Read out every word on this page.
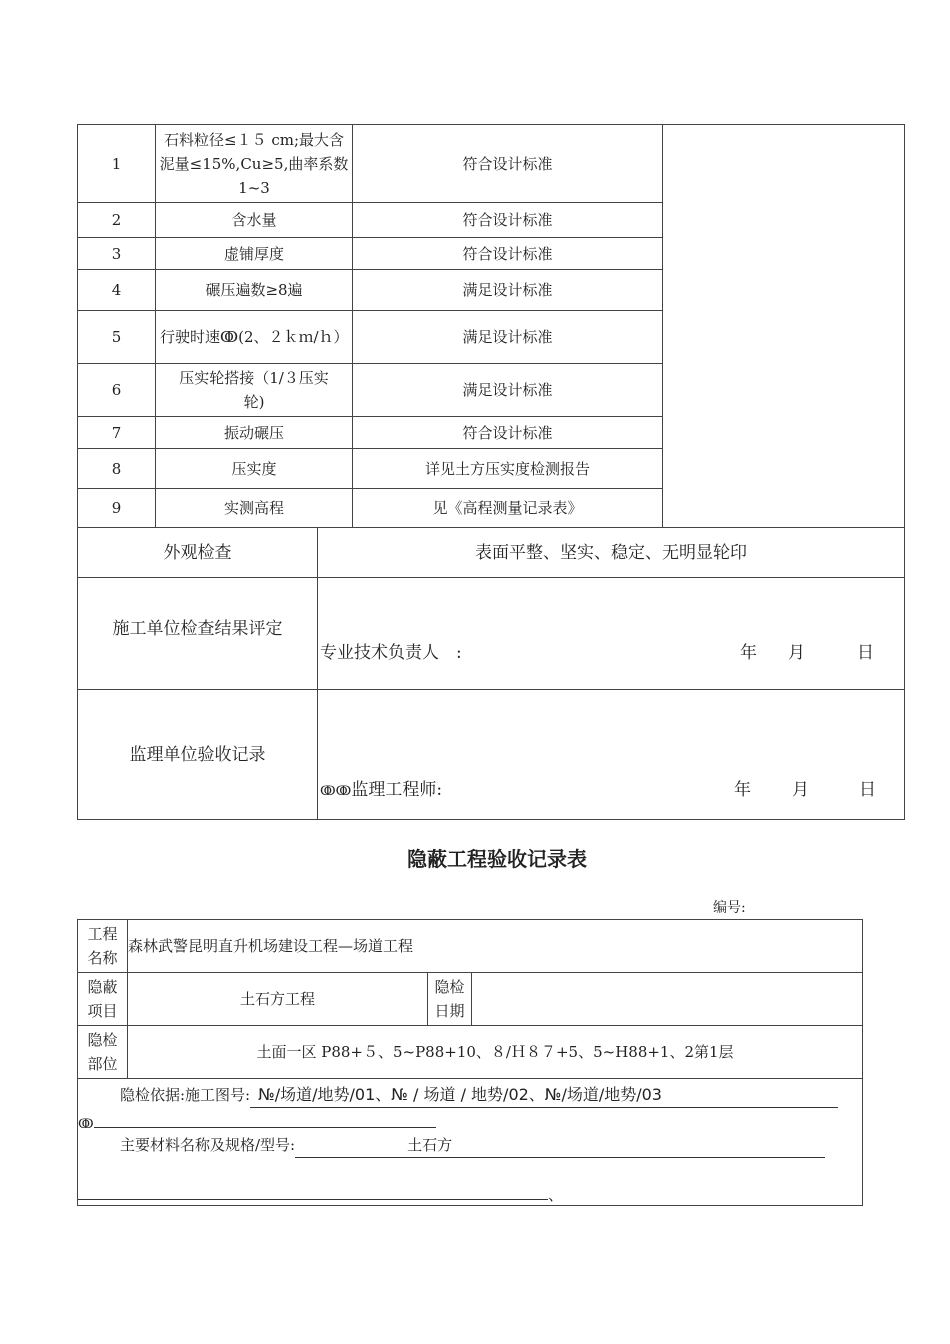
1	石料粒径≤１５ cm;最大含泥量≤15%,Cu≥5,曲率系数1~3	符合设计标准	
2	含水量	符合设计标准	
3	虚铺厚度	符合设计标准	
4	碾压遍数≥8遍	满足设计标准	
5	行驶时速ↂ(2、２ｋｍ/ｈ）	满足设计标准	
6	压实轮搭接（1/３压实轮)	满足设计标准	
7	振动碾压	符合设计标准	
8	压实度	详见土方压实度检测报告	
9	实测高程	见《高程测量记录表》	
外观检查	表面平整、坚实、稳定、无明显轮印
施工单位检查结果评定	专业技术负责人　: 年 月 日

监理单位验收记录	ↂↂ监理工程师: 年 月 日
隐蔽工程验收记录表
编号:
工程名称	森林武警昆明直升机场建设工程—场道工程		
隐蔽项目	土石方工程	隐检日期	
隐检部位	土面一区 P88+５、5~P88+10、８/Ｈ８７+5、5~H88+1、2第1层		

隐检依据:施工图号: №/场道/地势/01、№ / 场道 / 地势/02、№/场道/地势/03
ↂ
主要材料名称及规格/型号: 土石方
、			
